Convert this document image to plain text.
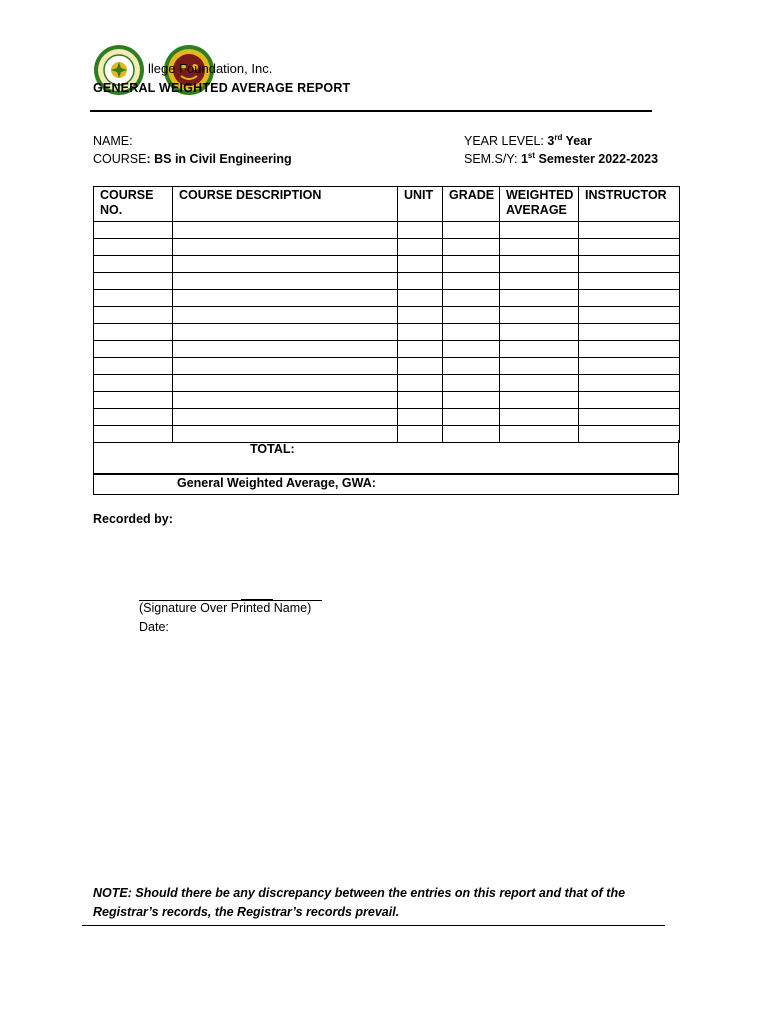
llege Foundation, Inc.
GENERAL WEIGHTED AVERAGE REPORT
NAME:
COURSE: BS in Civil Engineering
YEAR LEVEL: 3rd Year
SEM.S/Y: 1st Semester 2022-2023
COURSE NO.	COURSE DESCRIPTION	UNIT	GRADE	WEIGHTED AVERAGE	INSTRUCTOR

TOTAL:
General Weighted Average, GWA:
Recorded by:
(Signature Over Printed Name)
Date:
NOTE: Should there be any discrepancy between the entries on this report and that of the Registrar’s records, the Registrar’s records prevail.
